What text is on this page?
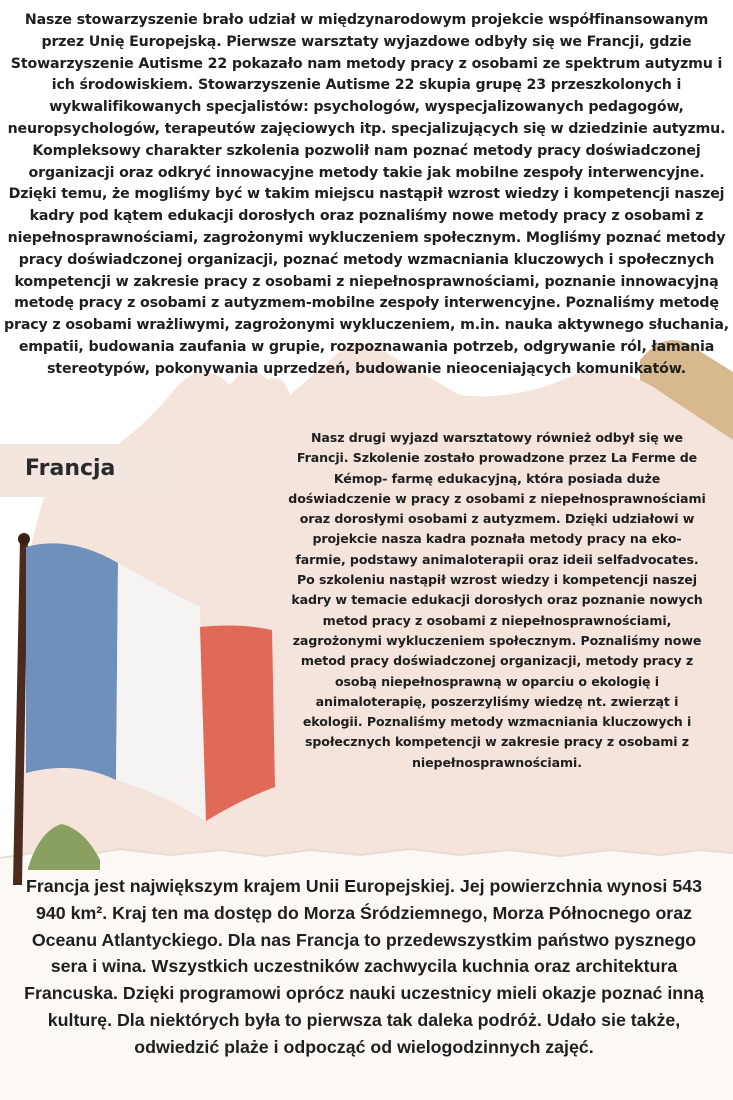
Nasze stowarzyszenie brało udział w międzynarodowym projekcie współfinansowanym przez Unię Europejską. Pierwsze warsztaty wyjazdowe odbyły się we Francji, gdzie Stowarzyszenie Autisme 22 pokazało nam metody pracy z osobami ze spektrum autyzmu i ich środowiskiem. Stowarzyszenie Autisme 22 skupia grupę 23 przeszkolonych i wykwalifikowanych specjalistów: psychologów, wyspecjalizowanych pedagogów, neuropsychologów, terapeutów zajęciowych itp. specjalizujących się w dziedzinie autyzmu. Kompleksowy charakter szkolenia pozwolił nam poznać metody pracy doświadczonej organizacji oraz odkryć innowacyjne metody takie jak mobilne zespoły interwencyjne. Dzięki temu, że mogliśmy być w takim miejscu nastąpił wzrost wiedzy i kompetencji naszej kadry pod kątem edukacji dorosłych oraz poznaliśmy nowe metody pracy z osobami z niepełnosprawnościami, zagrożonymi wykluczeniem społecznym. Mogliśmy poznać metody pracy doświadczonej organizacji, poznać metody wzmacniania kluczowych i społecznych kompetencji w zakresie pracy z osobami z niepełnosprawnościami, poznanie innowacyjną metodę pracy z osobami z autyzmem-mobilne zespoły interwencyjne. Poznaliśmy metodę pracy z osobami wrażliwymi, zagrożonymi wykluczeniem, m.in. nauka aktywnego słuchania, empatii, budowania zaufania w grupie, rozpoznawania potrzeb, odgrywanie ról, łamania stereotypów, pokonywania uprzedzeń, budowanie nieoceniających komunikatów.
Francja
Nasz drugi wyjazd warsztatowy również odbył się we Francji. Szkolenie zostało prowadzone przez La Ferme de Kémop- farmę edukacyjną, która posiada duże doświadczenie w pracy z osobami z niepełnosprawnościami oraz dorosłymi osobami z autyzmem. Dzięki udziałowi w projekcie nasza kadra poznała metody pracy na eko-farmie, podstawy animaloterapii oraz ideii selfadvocates. Po szkoleniu nastąpił wzrost wiedzy i kompetencji naszej kadry w temacie edukacji dorosłych oraz poznanie nowych metod pracy z osobami z niepełnosprawnościami, zagrożonymi wykluczeniem społecznym. Poznaliśmy nowe metod pracy doświadczonej organizacji, metody pracy z osobą niepełnosprawną w oparciu o ekologię i animaloterapię, poszerzyliśmy wiedzę nt. zwierząt i ekologii. Poznaliśmy metody wzmacniania kluczowych i społecznych kompetencji w zakresie pracy z osobami z niepełnosprawnościami.
Francja jest największym krajem Unii Europejskiej. Jej powierzchnia wynosi 543 940 km². Kraj ten ma dostęp do Morza Śródziemnego, Morza Północnego oraz Oceanu Atlantyckiego. Dla nas Francja to przedewszystkim państwo pysznego sera i wina. Wszystkich uczestników zachwycila kuchnia oraz architektura Francuska. Dzięki programowi oprócz nauki uczestnicy mieli okazje poznać inną kulturę. Dla niektórych była to pierwsza tak daleka podróż. Udało sie także, odwiedzić plaże i odpocząć od wielogodzinnych zajęć.
